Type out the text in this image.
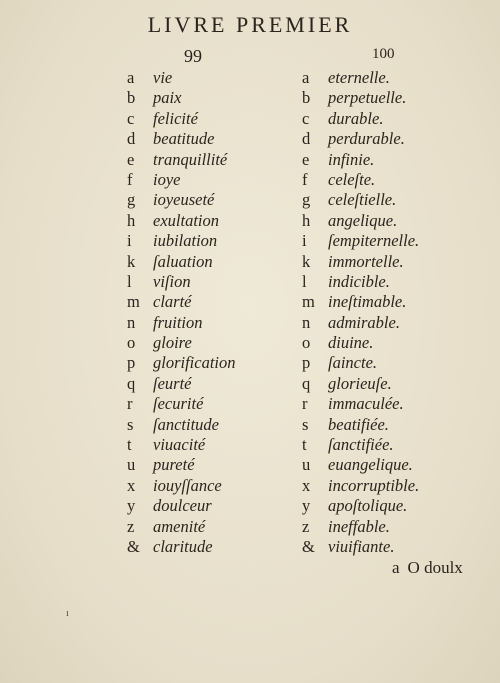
LIVRE PREMIER
99	100
a	vie
b	paix
c	felicité
d	beatitude
e	tranquillité
f	ioye
g	ioyeuseté
h	exultation
i	iubilation
k	ſaluation
l	viſion
m clarté
n	fruition
o	gloire
p	glorification
q	ſeurté
r	ſecurité
s	ſanctitude
t	viuacité
u	pureté
x	iouyſſance
y	doulceur
z	amenité
& claritude
a	eternelle.
b	perpetuelle.
c	durable.
d	perdurable.
e	infinie.
f	celeſte.
g	celeſtielle.
h	angelique.
i	ſempiternelle.
k	immortelle.
l	indicible.
m ineſtimable.
n	admirable.
o	diuine.
p	ſaincte.
q	glorieuſe.
r	immaculée.
s	beatifiée.
t	ſanctifiée.
u	euangelique.
x	incorruptible.
y	apoſtolique.
z	ineffable.
& viuifiante.
a O doulx
ı
